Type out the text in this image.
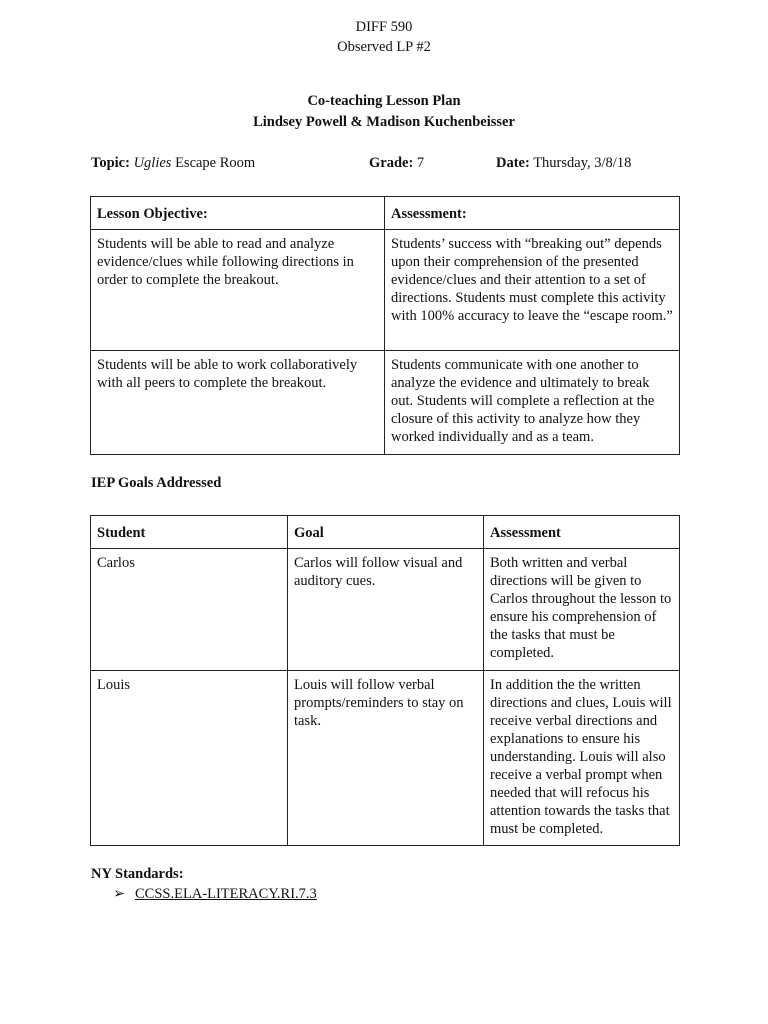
DIFF 590
Observed LP #2
Co-teaching Lesson Plan
Lindsey Powell & Madison Kuchenbeisser
Topic: Uglies Escape Room	Grade: 7	Date: Thursday, 3/8/18
Lesson Objective:	Assessment:
Students will be able to read and analyze evidence/clues while following directions in order to complete the breakout.	Students’ success with “breaking out” depends upon their comprehension of the presented evidence/clues and their attention to a set of directions. Students must complete this activity with 100% accuracy to leave the “escape room.”
Students will be able to work collaboratively with all peers to complete the breakout.	Students communicate with one another to analyze the evidence and ultimately to break out. Students will complete a reflection at the closure of this activity to analyze how they worked individually and as a team.
IEP Goals Addressed
Student	Goal	Assessment
Carlos	Carlos will follow visual and auditory cues.	Both written and verbal directions will be given to Carlos throughout the lesson to ensure his comprehension of the tasks that must be completed.
Louis	Louis will follow verbal prompts/reminders to stay on task.	In addition the the written directions and clues, Louis will receive verbal directions and explanations to ensure his understanding. Louis will also receive a verbal prompt when needed that will refocus his attention towards the tasks that must be completed.
NY Standards:
➢ CCSS.ELA-LITERACY.RI.7.3
